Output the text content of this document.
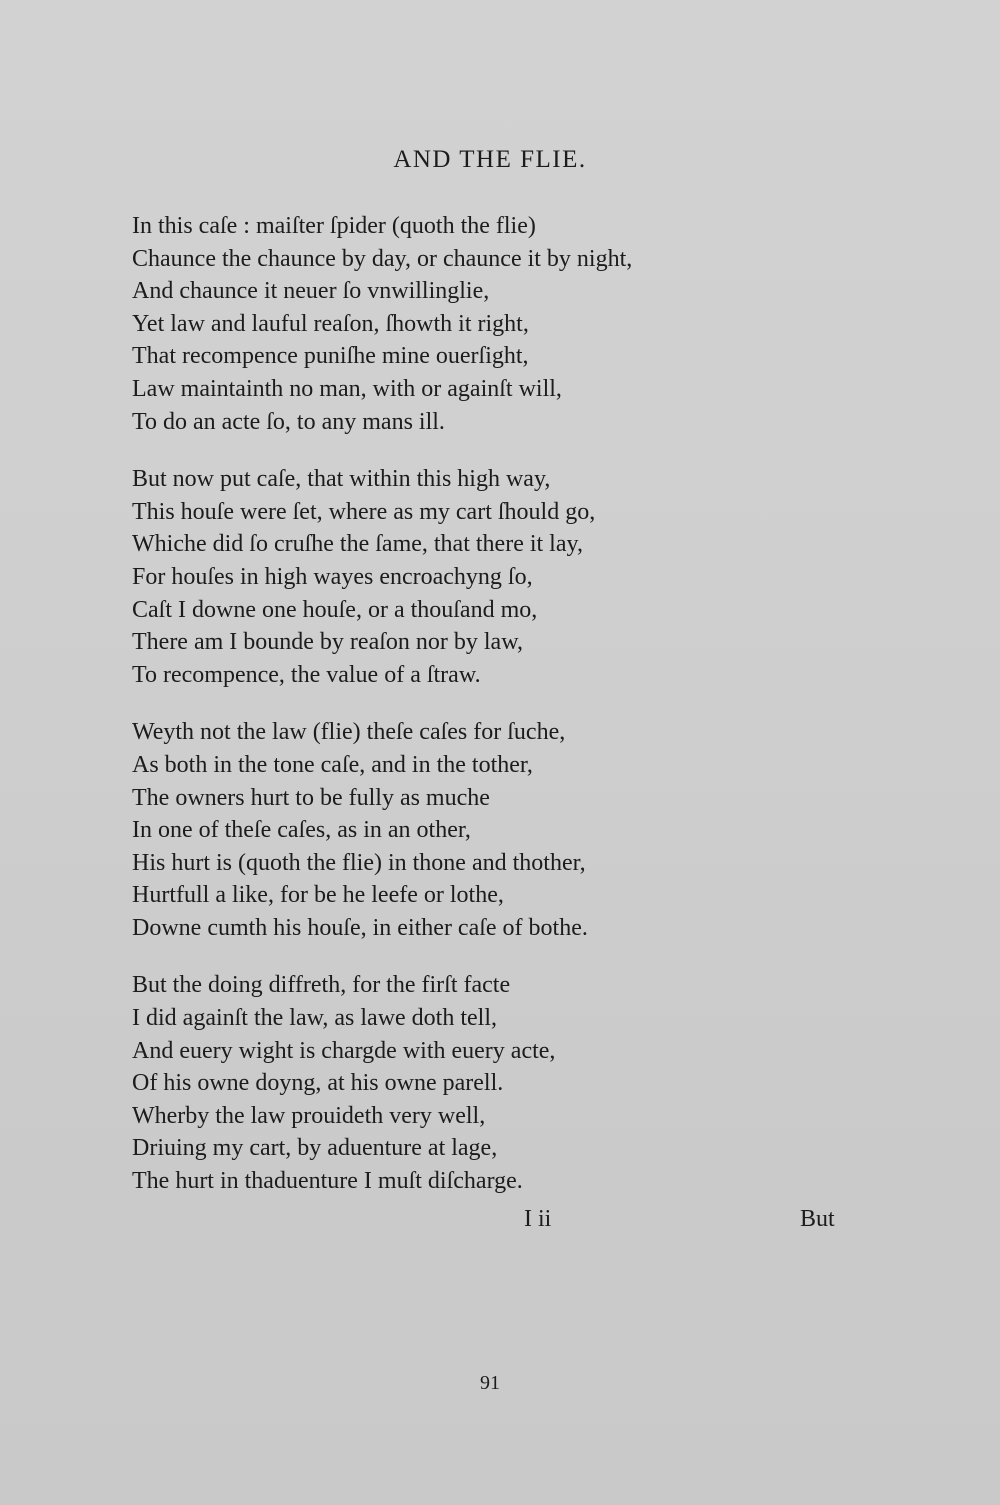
AND THE FLIE.
In this caſe : maiſter ſpider (quoth the flie)
Chaunce the chaunce by day, or chaunce it by night,
And chaunce it neuer ſo vnwillinglie,
Yet law and lauful reaſon, ſhowth it right,
That recompence puniſhe mine ouerſight,
Law maintainth no man, with or againſt will,
To do an acte ſo, to any mans ill.
But now put caſe, that within this high way,
This houſe were ſet, where as my cart ſhould go,
Whiche did ſo cruſhe the ſame, that there it lay,
For houſes in high wayes encroachyng ſo,
Caſt I downe one houſe, or a thouſand mo,
There am I bounde by reaſon nor by law,
To recompence, the value of a ſtraw.
Weyth not the law (flie) theſe caſes for ſuche,
As both in the tone caſe, and in the tother,
The owners hurt to be fully as muche
In one of theſe caſes, as in an other,
His hurt is (quoth the flie) in thone and thother,
Hurtfull a like, for be he leefe or lothe,
Downe cumth his houſe, in either caſe of bothe.
But the doing diffreth, for the firſt facte
I did againſt the law, as lawe doth tell,
And euery wight is chargde with euery acte,
Of his owne doyng, at his owne parell.
Wherby the law prouideth very well,
Driuing my cart, by aduenture at lage,
The hurt in thaduenture I muſt diſcharge.
I ii	But
91
